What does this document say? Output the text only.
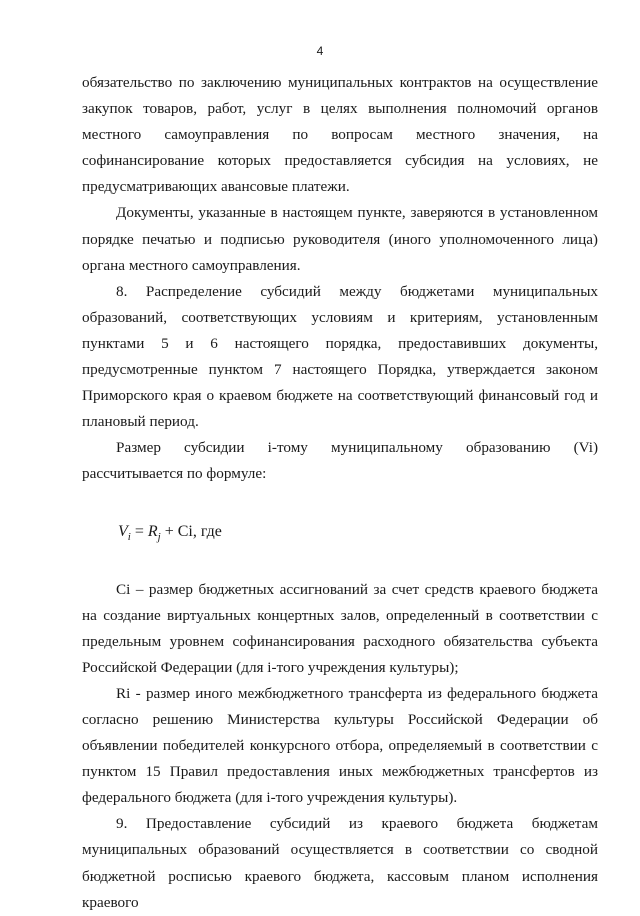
4

обязательство по заключению муниципальных контрактов на осуществление закупок товаров, работ, услуг в целях выполнения полномочий органов местного самоуправления по вопросам местного значения, на софинансирование которых предоставляется субсидия на условиях, не предусматривающих авансовые платежи.

Документы, указанные в настоящем пункте, заверяются в установленном порядке печатью и подписью руководителя (иного уполномоченного лица) органа местного самоуправления.

8. Распределение субсидий между бюджетами муниципальных образований, соответствующих условиям и критериям, установленным пунктами 5 и 6 настоящего порядка, предоставивших документы, предусмотренные пунктом 7 настоящего Порядка, утверждается законом Приморского края о краевом бюджете на соответствующий финансовый год и плановый период.

Размер субсидии i-тому муниципальному образованию (Vi) рассчитывается по формуле:

$V_i = R_j + Ci$, где

Ci – размер бюджетных ассигнований за счет средств краевого бюджета на создание виртуальных концертных залов, определенный в соответствии с предельным уровнем софинансирования расходного обязательства субъекта Российской Федерации (для i-того учреждения культуры);

Ri - размер иного межбюджетного трансферта из федерального бюджета согласно решению Министерства культуры Российской Федерации об объявлении победителей конкурсного отбора, определяемый в соответствии с пунктом 15 Правил предоставления иных межбюджетных трансфертов из федерального бюджета (для i-того учреждения культуры).

9. Предоставление субсидий из краевого бюджета бюджетам муниципальных образований осуществляется в соответствии со сводной бюджетной росписью краевого бюджета, кассовым планом исполнения краевого
